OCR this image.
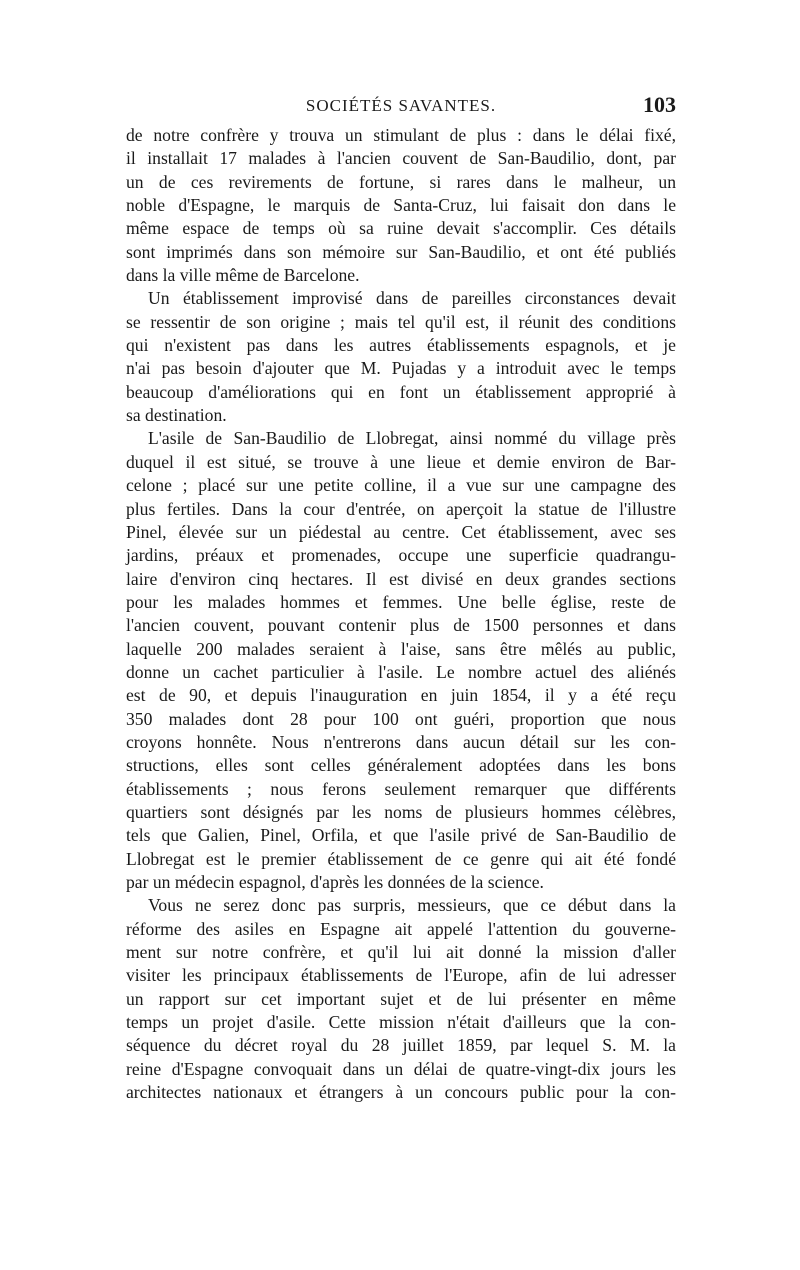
SOCIÉTÉS SAVANTES.	103
de notre confrère y trouva un stimulant de plus : dans le délai fixé,
il installait 17 malades à l'ancien couvent de San-Baudilio, dont, par
un de ces revirements de fortune, si rares dans le malheur, un
noble d'Espagne, le marquis de Santa-Cruz, lui faisait don dans le
même espace de temps où sa ruine devait s'accomplir. Ces détails
sont imprimés dans son mémoire sur San-Baudilio, et ont été publiés
dans la ville même de Barcelone.
Un établissement improvisé dans de pareilles circonstances devait
se ressentir de son origine ; mais tel qu'il est, il réunit des conditions
qui n'existent pas dans les autres établissements espagnols, et je
n'ai pas besoin d'ajouter que M. Pujadas y a introduit avec le temps
beaucoup d'améliorations qui en font un établissement approprié à
sa destination.
L'asile de San-Baudilio de Llobregat, ainsi nommé du village près
duquel il est situé, se trouve à une lieue et demie environ de Bar-
celone ; placé sur une petite colline, il a vue sur une campagne des
plus fertiles. Dans la cour d'entrée, on aperçoit la statue de l'illustre
Pinel, élevée sur un piédestal au centre. Cet établissement, avec ses
jardins, préaux et promenades, occupe une superficie quadrangu-
laire d'environ cinq hectares. Il est divisé en deux grandes sections
pour les malades hommes et femmes. Une belle église, reste de
l'ancien couvent, pouvant contenir plus de 1500 personnes et dans
laquelle 200 malades seraient à l'aise, sans être mêlés au public,
donne un cachet particulier à l'asile. Le nombre actuel des aliénés
est de 90, et depuis l'inauguration en juin 1854, il y a été reçu
350 malades dont 28 pour 100 ont guéri, proportion que nous
croyons honnête. Nous n'entrerons dans aucun détail sur les con-
structions, elles sont celles généralement adoptées dans les bons
établissements ; nous ferons seulement remarquer que différents
quartiers sont désignés par les noms de plusieurs hommes célèbres,
tels que Galien, Pinel, Orfila, et que l'asile privé de San-Baudilio de
Llobregat est le premier établissement de ce genre qui ait été fondé
par un médecin espagnol, d'après les données de la science.
Vous ne serez donc pas surpris, messieurs, que ce début dans la
réforme des asiles en Espagne ait appelé l'attention du gouverne-
ment sur notre confrère, et qu'il lui ait donné la mission d'aller
visiter les principaux établissements de l'Europe, afin de lui adresser
un rapport sur cet important sujet et de lui présenter en même
temps un projet d'asile. Cette mission n'était d'ailleurs que la con-
séquence du décret royal du 28 juillet 1859, par lequel S. M. la
reine d'Espagne convoquait dans un délai de quatre-vingt-dix jours les
architectes nationaux et étrangers à un concours public pour la con-
